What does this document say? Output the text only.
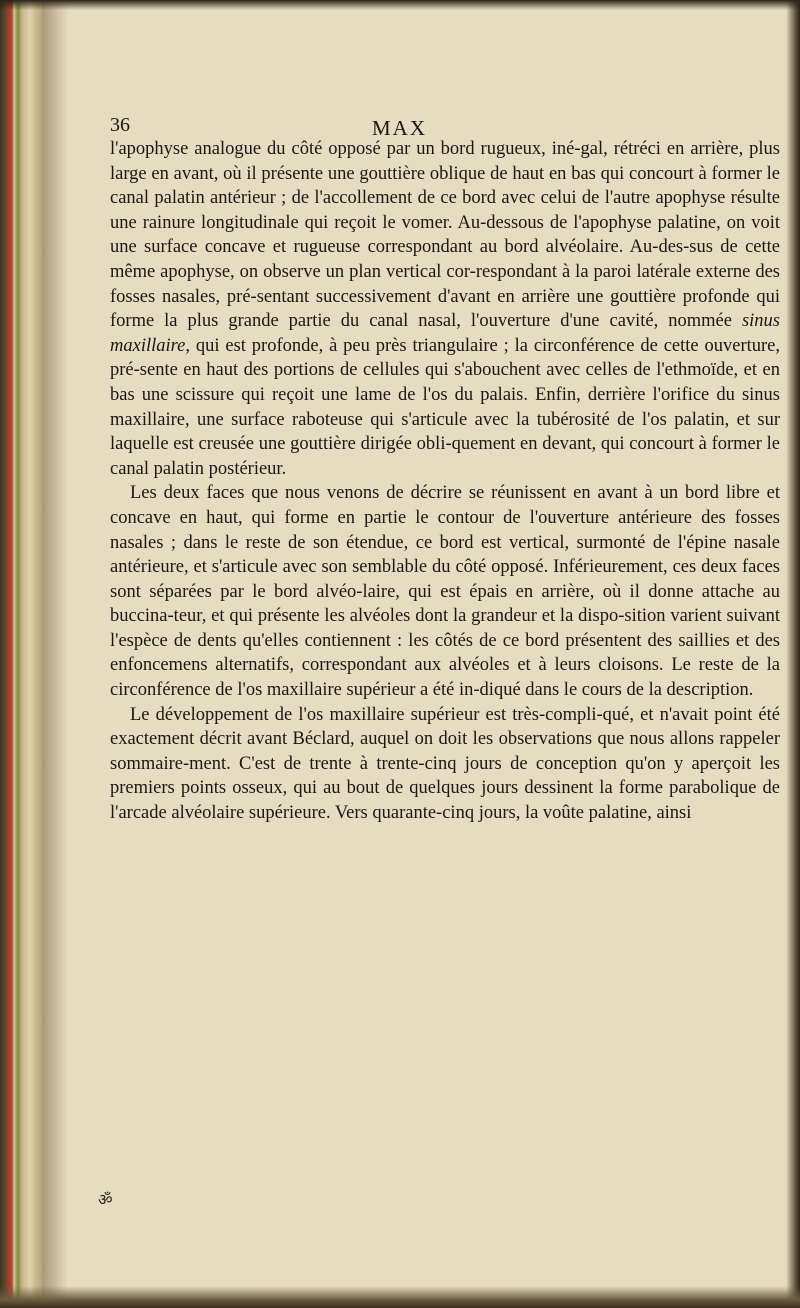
36	MAX

l'apophyse analogue du côté opposé par un bord rugueux, iné-gal, rétréci en arrière, plus large en avant, où il présente une gouttière oblique de haut en bas qui concourt à former le canal palatin antérieur ; de l'accollement de ce bord avec celui de l'autre apophyse résulte une rainure longitudinale qui reçoit le vomer. Au-dessous de l'apophyse palatine, on voit une surface concave et rugueuse correspondant au bord alvéolaire. Au-des-sus de cette même apophyse, on observe un plan vertical cor-respondant à la paroi latérale externe des fosses nasales, pré-sentant successivement d'avant en arrière une gouttière profonde qui forme la plus grande partie du canal nasal, l'ouverture d'une cavité, nommée sinus maxillaire, qui est profonde, à peu près triangulaire ; la circonférence de cette ouverture, pré-sente en haut des portions de cellules qui s'abouchent avec celles de l'ethmoïde, et en bas une scissure qui reçoit une lame de l'os du palais. Enfin, derrière l'orifice du sinus maxillaire, une surface raboteuse qui s'articule avec la tubérosité de l'os palatin, et sur laquelle est creusée une gouttière dirigée obli-quement en devant, qui concourt à former le canal palatin postérieur.

Les deux faces que nous venons de décrire se réunissent en avant à un bord libre et concave en haut, qui forme en partie le contour de l'ouverture antérieure des fosses nasales ; dans le reste de son étendue, ce bord est vertical, surmonté de l'épine nasale antérieure, et s'articule avec son semblable du côté opposé. Inférieurement, ces deux faces sont séparées par le bord alvéo-laire, qui est épais en arrière, où il donne attache au buccina-teur, et qui présente les alvéoles dont la grandeur et la dispo-sition varient suivant l'espèce de dents qu'elles contiennent : les côtés de ce bord présentent des saillies et des enfoncemens alternatifs, correspondant aux alvéoles et à leurs cloisons. Le reste de la circonférence de l'os maxillaire supérieur a été in-diqué dans le cours de la description.

Le développement de l'os maxillaire supérieur est très-compli-qué, et n'avait point été exactement décrit avant Béclard, auquel on doit les observations que nous allons rappeler sommaire-ment. C'est de trente à trente-cinq jours de conception qu'on y aperçoit les premiers points osseux, qui au bout de quelques jours dessinent la forme parabolique de l'arcade alvéolaire supérieure. Vers quarante-cinq jours, la voûte palatine, ainsi

ॐ
